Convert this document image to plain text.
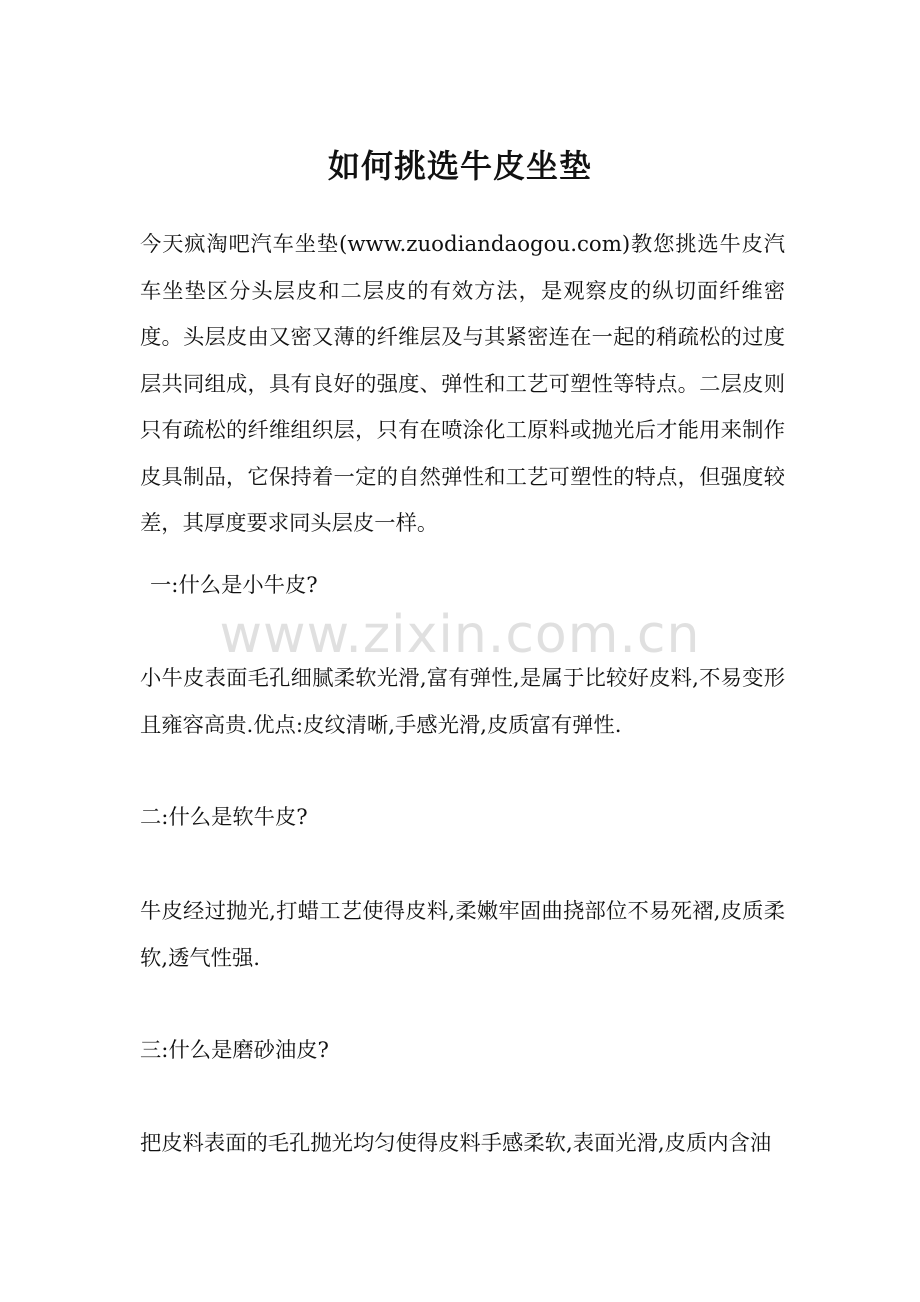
如何挑选牛皮坐垫
今天疯淘吧汽车坐垫(www.zuodiandaogou.com)教您挑选牛皮汽车坐垫区分头层皮和二层皮的有效方法，是观察皮的纵切面纤维密度。头层皮由又密又薄的纤维层及与其紧密连在一起的稍疏松的过度层共同组成，具有良好的强度、弹性和工艺可塑性等特点。二层皮则只有疏松的纤维组织层，只有在喷涂化工原料或抛光后才能用来制作皮具制品，它保持着一定的自然弹性和工艺可塑性的特点，但强度较差，其厚度要求同头层皮一样。
一:什么是小牛皮?
www.zixin.com.cn
小牛皮表面毛孔细腻柔软光滑,富有弹性,是属于比较好皮料,不易变形且雍容高贵.优点:皮纹清晰,手感光滑,皮质富有弹性.
二:什么是软牛皮?
牛皮经过抛光,打蜡工艺使得皮料,柔嫩牢固曲挠部位不易死褶,皮质柔软,透气性强.
三:什么是磨砂油皮?
把皮料表面的毛孔抛光均匀使得皮料手感柔软,表面光滑,皮质内含油
